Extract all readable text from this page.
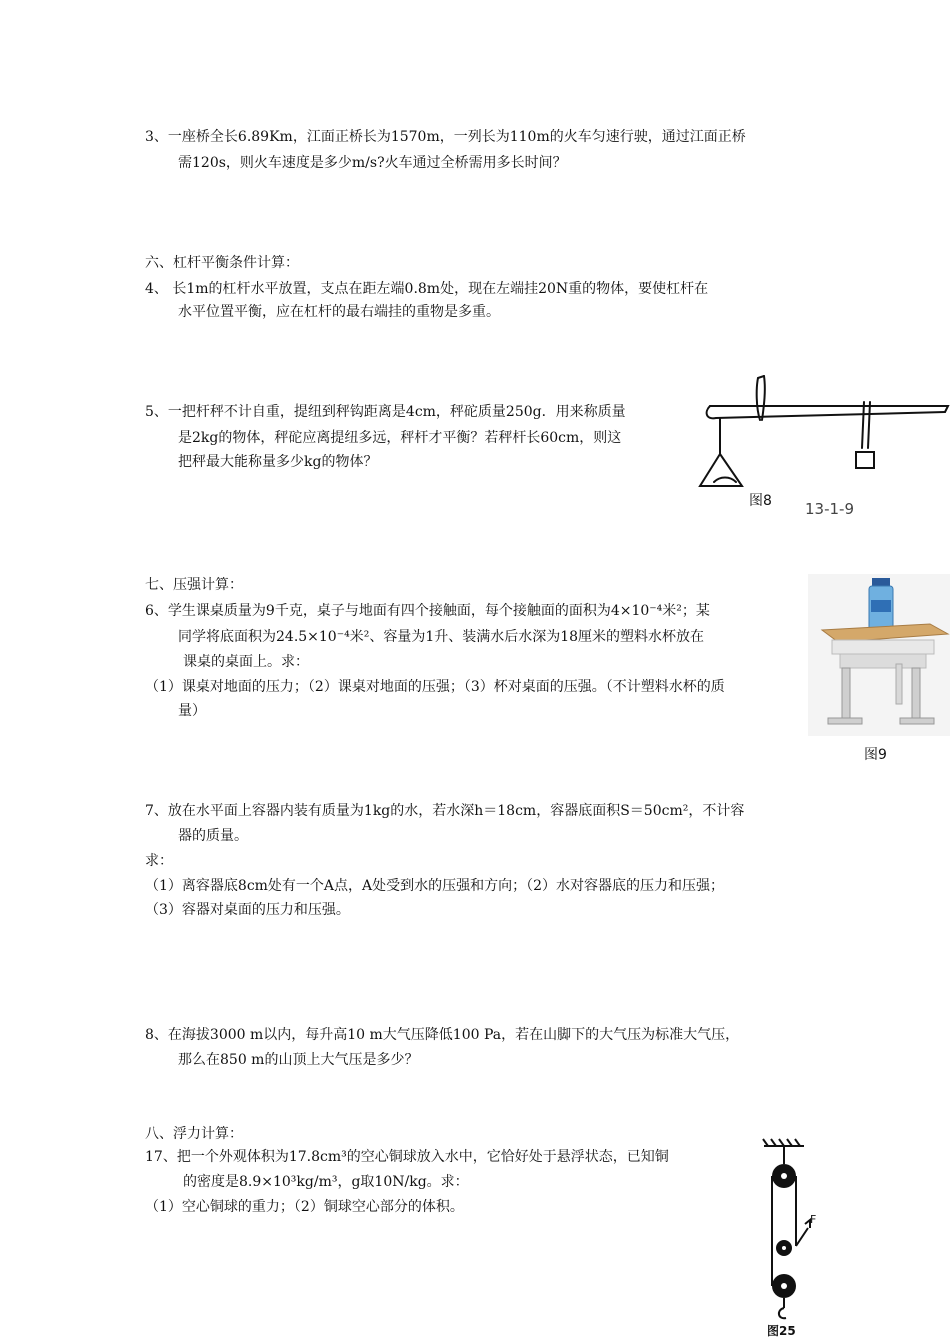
3、一座桥全长6.89Km，江面正桥长为1570m，一列长为110m的火车匀速行驶，通过江面正桥
需120s，则火车速度是多少m/s?火车通过全桥需用多长时间？
六、杠杆平衡条件计算：
4、 长1m的杠杆水平放置，支点在距左端0.8m处，现在左端挂20N重的物体，要使杠杆在
水平位置平衡，应在杠杆的最右端挂的重物是多重。
5、一把杆秤不计自重，提纽到秤钩距离是4cm，秤砣质量250g．用来称质量
是2kg的物体，秤砣应离提纽多远，秤杆才平衡？若秤杆长60cm，则这
把秤最大能称量多少kg的物体？
图8 13-1-9
七、压强计算：
6、学生课桌质量为9千克，桌子与地面有四个接触面，每个接触面的面积为4×10⁻⁴米²；某
同学将底面积为24.5×10⁻⁴米²、容量为1升、装满水后水深为18厘米的塑料水杯放在
课桌的桌面上。求：
（1）课桌对地面的压力；（2）课桌对地面的压强；（3）杯对桌面的压强。（不计塑料水杯的质
量）
图9
7、放在水平面上容器内装有质量为1kg的水，若水深h＝18cm，容器底面积S＝50cm²，不计容
器的质量。
求：
（1）离容器底8cm处有一个A点，A处受到水的压强和方向；（2）水对容器底的压力和压强；
（3）容器对桌面的压力和压强。
8、在海拔3000 m以内，每升高10 m大气压降低100 Pa，若在山脚下的大气压为标准大气压，
那么在850 m的山顶上大气压是多少？
八、浮力计算：
17、把一个外观体积为17.8cm³的空心铜球放入水中，它恰好处于悬浮状态，已知铜
的密度是8.9×10³kg/m³，g取10N/kg。求：
（1）空心铜球的重力；（2）铜球空心部分的体积。
F
图25
